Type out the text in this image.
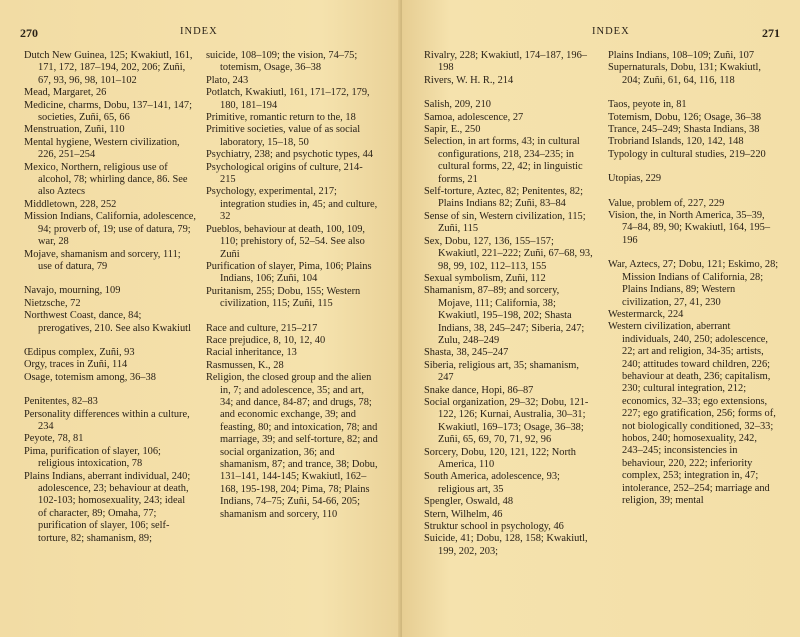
270	INDEX

Dutch New Guinea, 125; Kwakiutl, 161, 171, 172, 187–194, 202, 206; Zuñi, 67, 93, 96, 98, 101–102

Mead, Margaret, 26

Medicine, charms, Dobu, 137–141, 147; societies, Zuñi, 65, 66

Menstruation, Zuñi, 110

Mental hygiene, Western civilization, 226, 251–254

Mexico, Northern, religious use of alcohol, 78; whirling dance, 86. See also Aztecs

Middletown, 228, 252

Mission Indians, California, adolescence, 94; proverb of, 19; use of datura, 79; war, 28

Mojave, shamanism and sorcery, 111; use of datura, 79

Navajo, mourning, 109

Nietzsche, 72

Northwest Coast, dance, 84; prerogatives, 210. See also Kwakiutl

Œdipus complex, Zuñi, 93

Orgy, traces in Zuñi, 114

Osage, totemism among, 36–38

Penitentes, 82–83

Personality differences within a culture, 234

Peyote, 78, 81

Pima, purification of slayer, 106; religious intoxication, 78

Plains Indians, aberrant individual, 240; adolescence, 23; behaviour at death, 102-103; homosexuality, 243; ideal of character, 89; Omaha, 77; purification of slayer, 106; self-torture, 82; shamanism, 89;

suicide, 108–109; the vision, 74–75; totemism, Osage, 36–38

Plato, 243

Potlatch, Kwakiutl, 161, 171–172, 179, 180, 181–194

Primitive, romantic return to the, 18

Primitive societies, value of as social laboratory, 15–18, 50

Psychiatry, 238; and psychotic types, 44

Psychological origins of culture, 214-215

Psychology, experimental, 217; integration studies in, 45; and culture, 32

Pueblos, behaviour at death, 100, 109, 110; prehistory of, 52–54. See also Zuñi

Purification of slayer, Pima, 106; Plains Indians, 106; Zuñi, 104

Puritanism, 255; Dobu, 155; Western civilization, 115; Zuñi, 115

Race and culture, 215–217

Race prejudice, 8, 10, 12, 40

Racial inheritance, 13

Rasmussen, K., 28

Religion, the closed group and the alien in, 7; and adolescence, 35; and art, 34; and dance, 84-87; and drugs, 78; and economic exchange, 39; and feasting, 80; and intoxication, 78; and marriage, 39; and self-torture, 82; and social organization, 36; and shamanism, 87; and trance, 38; Dobu, 131–141, 144-145; Kwakiutl, 162–168, 195-198, 204; Pima, 78; Plains Indians, 74–75; Zuñi, 54-66, 205; shamanism and sorcery, 110

INDEX	271

Rivalry, 228; Kwakiutl, 174–187, 196–198

Rivers, W. H. R., 214

Salish, 209, 210

Samoa, adolescence, 27

Sapir, E., 250

Selection, in art forms, 43; in cultural configurations, 218, 234–235; in cultural forms, 22, 42; in linguistic forms, 21

Self-torture, Aztec, 82; Penitentes, 82; Plains Indians 82; Zuñi, 83–84

Sense of sin, Western civilization, 115; Zuñi, 115

Sex, Dobu, 127, 136, 155–157; Kwakiutl, 221–222; Zuñi, 67–68, 93, 98, 99, 102, 112–113, 155

Sexual symbolism, Zuñi, 112

Shamanism, 87–89; and sorcery, Mojave, 111; California, 38; Kwakiutl, 195–198, 202; Shasta Indians, 38, 245–247; Siberia, 247; Zulu, 248–249

Shasta, 38, 245–247

Siberia, religious art, 35; shamanism, 247

Snake dance, Hopi, 86–87

Social organization, 29–32; Dobu, 121-122, 126; Kurnai, Australia, 30–31; Kwakiutl, 169–173; Osage, 36–38; Zuñi, 65, 69, 70, 71, 92, 96

Sorcery, Dobu, 120, 121, 122; North America, 110

South America, adolescence, 93; religious art, 35

Spengler, Oswald, 48

Stern, Wilhelm, 46

Struktur school in psychology, 46

Suicide, 41; Dobu, 128, 158; Kwakiutl, 199, 202, 203;

Plains Indians, 108–109; Zuñi, 107

Supernaturals, Dobu, 131; Kwakiutl, 204; Zuñi, 61, 64, 116, 118

Taos, peyote in, 81

Totemism, Dobu, 126; Osage, 36–38

Trance, 245–249; Shasta Indians, 38

Trobriand Islands, 120, 142, 148

Typology in cultural studies, 219–220

Utopias, 229

Value, problem of, 227, 229

Vision, the, in North America, 35–39, 74–84, 89, 90; Kwakiutl, 164, 195–196

War, Aztecs, 27; Dobu, 121; Eskimo, 28; Mission Indians of California, 28; Plains Indians, 89; Western civilization, 27, 41, 230

Westermarck, 224

Western civilization, aberrant individuals, 240, 250; adolescence, 22; art and religion, 34-35; artists, 240; attitudes toward children, 226; behaviour at death, 236; capitalism, 230; cultural integration, 212; economics, 32–33; ego extensions, 227; ego gratification, 256; forms of, not biologically conditioned, 32–33; hobos, 240; homosexuality, 242, 243–245; inconsistencies in behaviour, 220, 222; inferiority complex, 253; integration in, 47; intolerance, 252–254; marriage and religion, 39; mental
